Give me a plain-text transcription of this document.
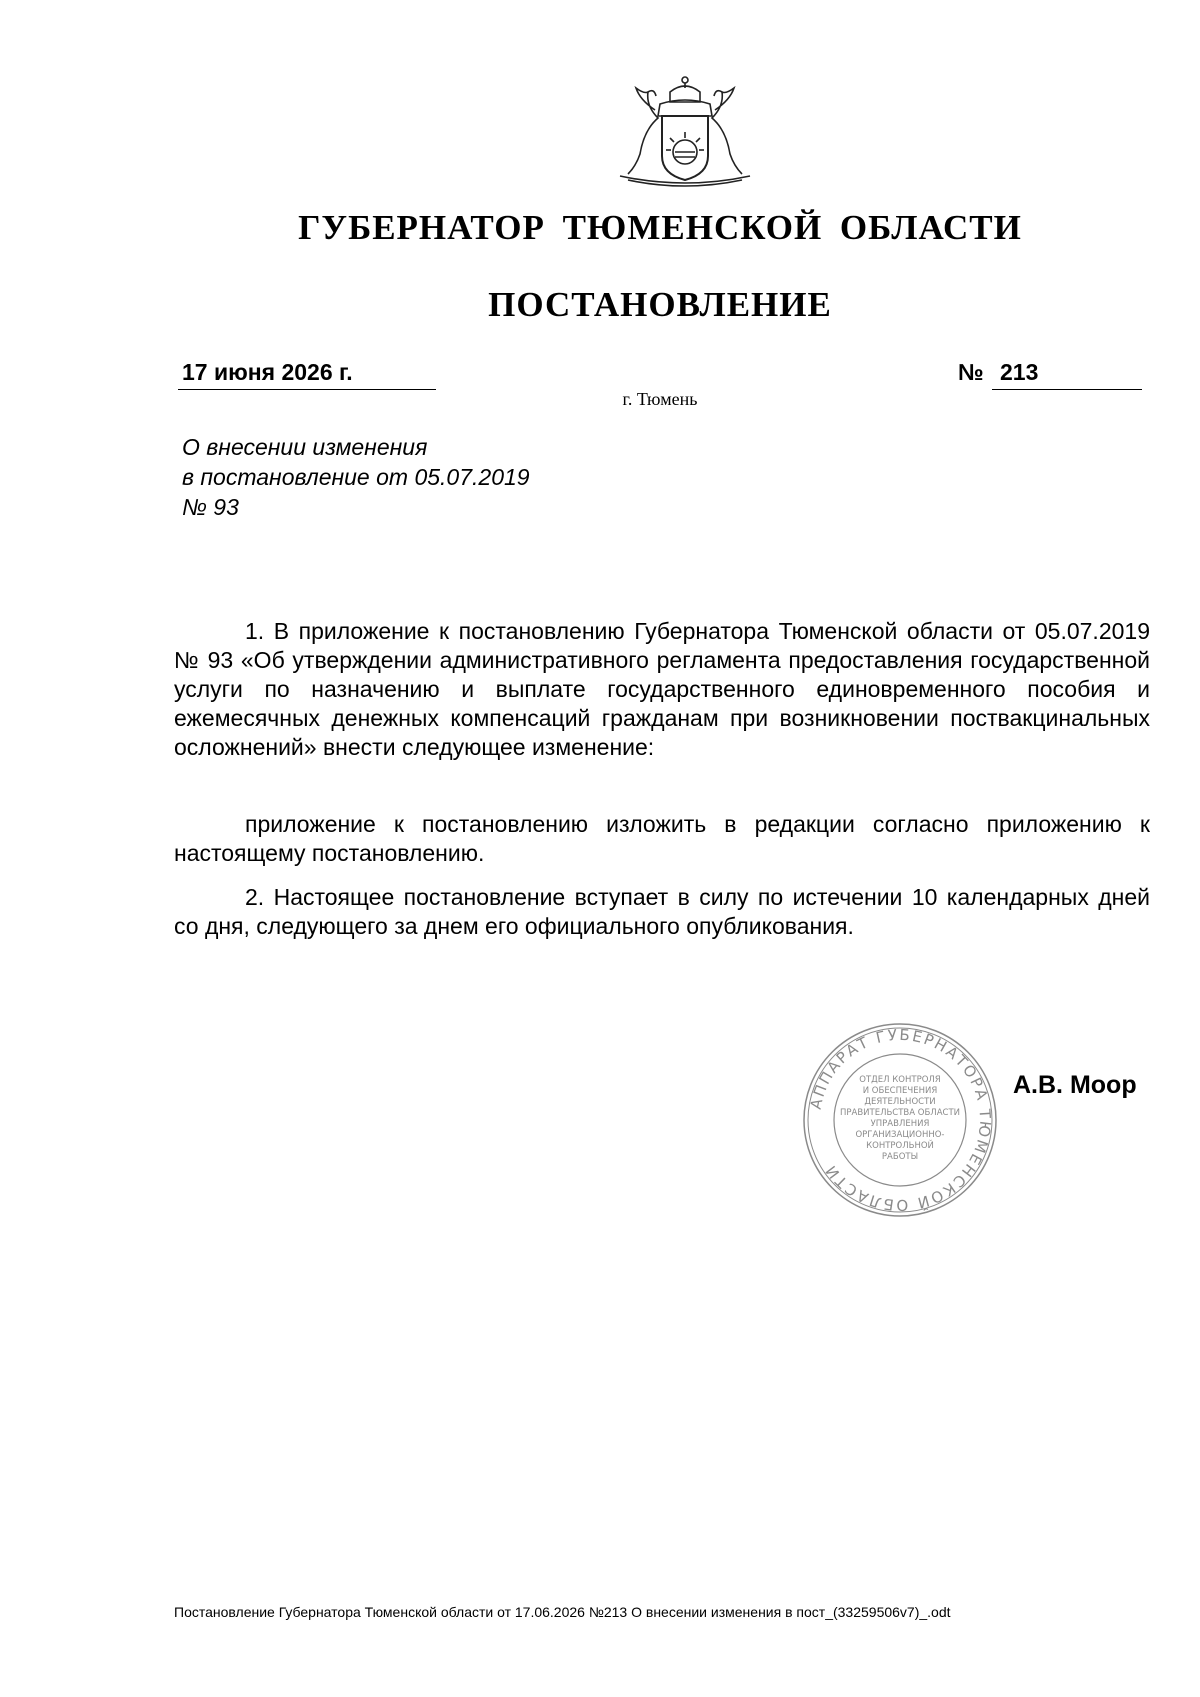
ГУБЕРНАТОР ТЮМЕНСКОЙ ОБЛАСТИ
ПОСТАНОВЛЕНИЕ
17 июня 2026 г.	№ 213
г. Тюмень
О внесении изменения
в постановление от 05.07.2019
№ 93
1. В приложение к постановлению Губернатора Тюменской области от 05.07.2019 № 93 «Об утверждении административного регламента предоставления государственной услуги по назначению и выплате государственного единовременного пособия и ежемесячных денежных компенсаций гражданам при возникновении поствакцинальных осложнений» внести следующее изменение:
приложение к постановлению изложить в редакции согласно приложению к настоящему постановлению.
2. Настоящее постановление вступает в силу по истечении 10 календарных дней со дня, следующего за днем его официального опубликования.
АППАРАТ ГУБЕРНАТОРА ТЮМЕНСКОЙ ОБЛАСТИ
ОТДЕЛ КОНТРОЛЯ
И ОБЕСПЕЧЕНИЯ
ДЕЯТЕЛЬНОСТИ
ПРАВИТЕЛЬСТВА ОБЛАСТИ
УПРАВЛЕНИЯ
ОРГАНИЗАЦИОННО-
КОНТРОЛЬНОЙ
РАБОТЫ
А.В. Моор
Постановление Губернатора Тюменской области от 17.06.2026 №213 О внесении изменения в пост_(33259506v7)_.odt
